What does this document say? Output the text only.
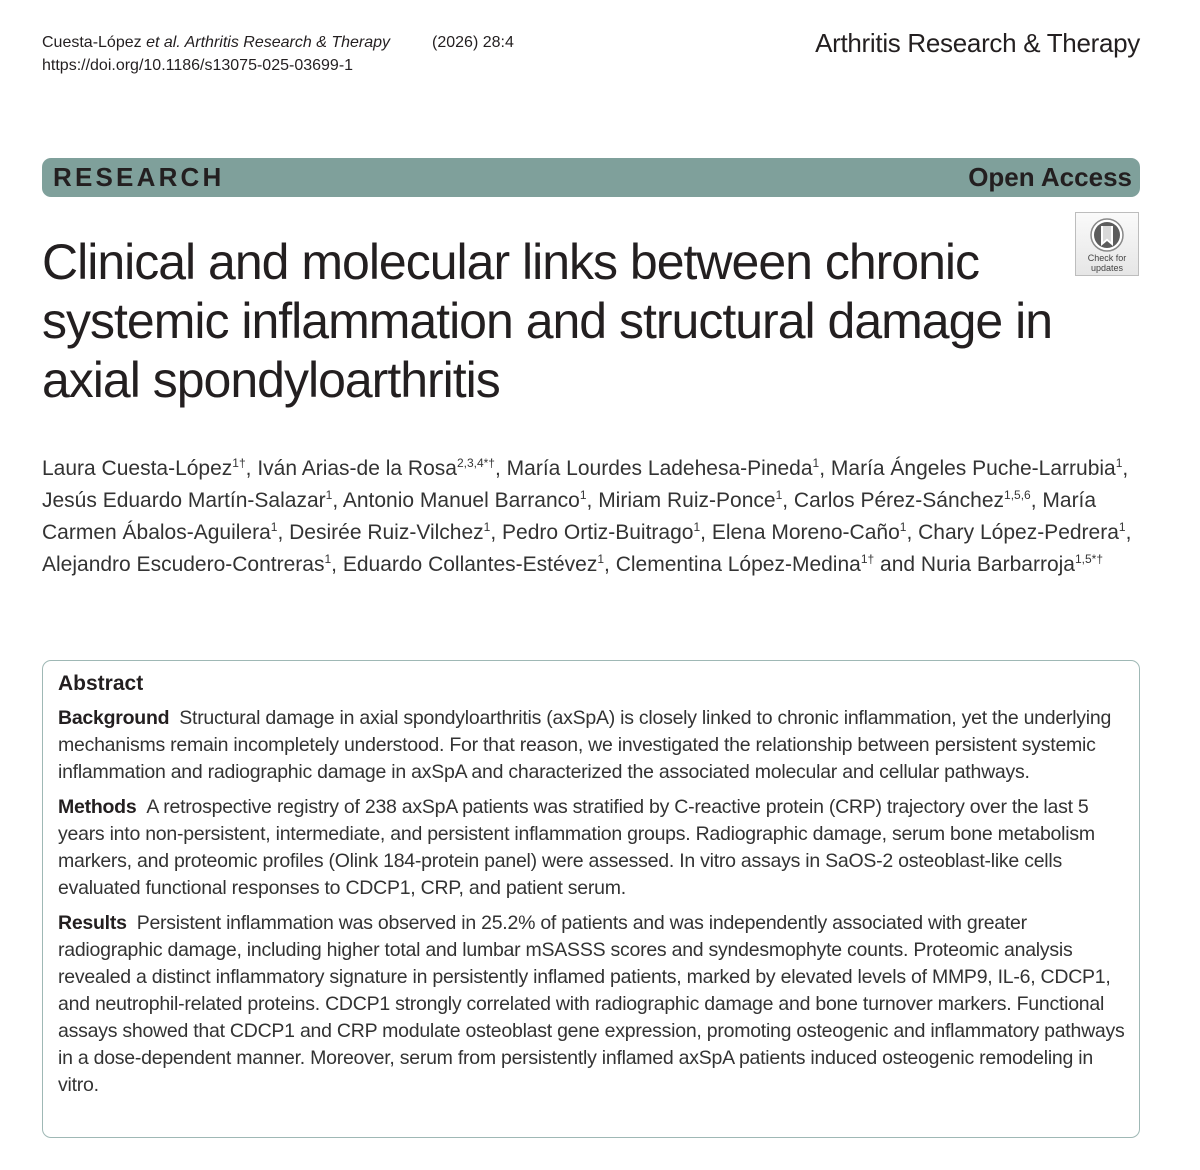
Cuesta-López et al. Arthritis Research & Therapy	(2026) 28:4
https://doi.org/10.1186/s13075-025-03699-1
Arthritis Research & Therapy
RESEARCH	Open Access
Check for
updates
Clinical and molecular links between chronic systemic inflammation and structural damage in axial spondyloarthritis
Laura Cuesta-López$^{1\dagger}$, Iván Arias-de la Rosa$^{2,3,4*\dagger}$, María Lourdes Ladehesa-Pineda$^1$, María Ángeles Puche-Larrubia$^1$, Jesús Eduardo Martín-Salazar$^1$, Antonio Manuel Barranco$^1$, Miriam Ruiz-Ponce$^1$, Carlos Pérez-Sánchez$^{1,5,6}$, María Carmen Ábalos-Aguilera$^1$, Desirée Ruiz-Vilchez$^1$, Pedro Ortiz-Buitrago$^1$, Elena Moreno-Caño$^1$, Chary López-Pedrera$^1$, Alejandro Escudero-Contreras$^1$, Eduardo Collantes-Estévez$^1$, Clementina López-Medina$^{1\dagger}$ and Nuria Barbarroja$^{1,5*\dagger}$
Abstract

Background Structural damage in axial spondyloarthritis (axSpA) is closely linked to chronic inflammation, yet the underlying mechanisms remain incompletely understood. For that reason, we investigated the relationship between persistent systemic inflammation and radiographic damage in axSpA and characterized the associated molecular and cellular pathways.

Methods A retrospective registry of 238 axSpA patients was stratified by C-reactive protein (CRP) trajectory over the last 5 years into non-persistent, intermediate, and persistent inflammation groups. Radiographic damage, serum bone metabolism markers, and proteomic profiles (Olink 184-protein panel) were assessed. In vitro assays in SaOS-2 osteoblast-like cells evaluated functional responses to CDCP1, CRP, and patient serum.

Results Persistent inflammation was observed in 25.2% of patients and was independently associated with greater radiographic damage, including higher total and lumbar mSASSS scores and syndesmophyte counts. Proteomic analysis revealed a distinct inflammatory signature in persistently inflamed patients, marked by elevated levels of MMP9, IL-6, CDCP1, and neutrophil-related proteins. CDCP1 strongly correlated with radiographic damage and bone turnover markers. Functional assays showed that CDCP1 and CRP modulate osteoblast gene expression, promoting osteogenic and inflammatory pathways in a dose-dependent manner. Moreover, serum from persistently inflamed axSpA patients induced osteogenic remodeling in vitro.
